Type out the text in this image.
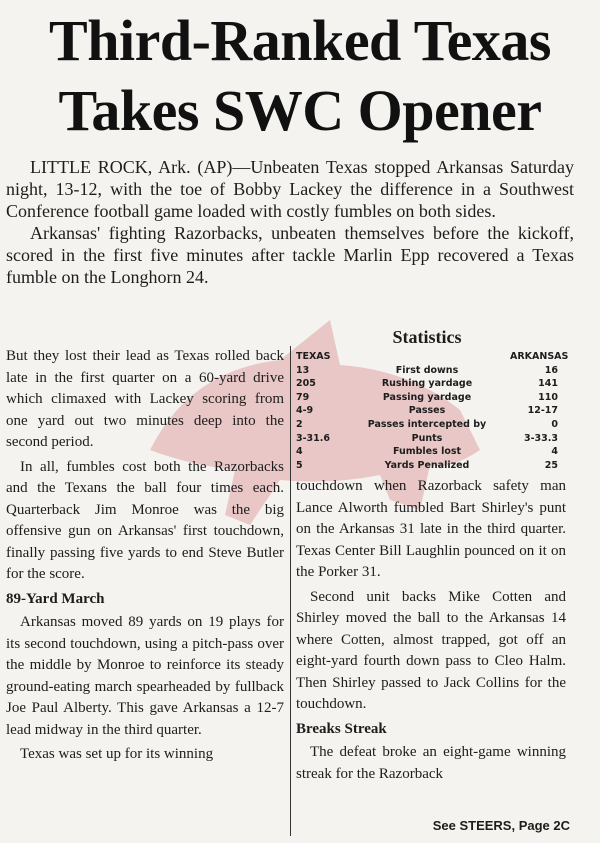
Third-Ranked Texas
Takes SWC Opener

LITTLE ROCK, Ark. (AP)—Unbeaten Texas stopped Arkansas Saturday night, 13-12, with the toe of Bobby Lackey the difference in a Southwest Conference football game loaded with costly fumbles on both sides.

Arkansas' fighting Razorbacks, unbeaten themselves before the kickoff, scored in the first five minutes after tackle Marlin Epp recovered a Texas fumble on the Longhorn 24.

But they lost their lead as Texas rolled back late in the first quarter on a 60-yard drive which climaxed with Lackey scoring from one yard out two minutes deep into the second period.

In all, fumbles cost both the Razorbacks and the Texans the ball four times each. Quarterback Jim Monroe was the big offensive gun on Arkansas' first touchdown, finally passing five yards to end Steve Butler for the score.

89-Yard March

Arkansas moved 89 yards on 19 plays for its second touchdown, using a pitch-pass over the middle by Monroe to reinforce its steady ground-eating march spearheaded by fullback Joe Paul Alberty. This gave Arkansas a 12-7 lead midway in the third quarter.

Texas was set up for its winning

Statistics
TEXAS	ARKANSAS
13	First downs	16
205	Rushing yardage	141
79	Passing yardage	110
4-9	Passes	12-17
2	Passes intercepted by	0
3-31.6	Punts	3-33.3
4	Fumbles lost	4
5	Yards Penalized	25

touchdown when Razorback safety man Lance Alworth fumbled Bart Shirley's punt on the Arkansas 31 late in the third quarter. Texas Center Bill Laughlin pounced on it on the Porker 31.

Second unit backs Mike Cotten and Shirley moved the ball to the Arkansas 14 where Cotten, almost trapped, got off an eight-yard fourth down pass to Cleo Halm. Then Shirley passed to Jack Collins for the touchdown.

Breaks Streak

The defeat broke an eight-game winning streak for the Razorback

See STEERS, Page 2C
